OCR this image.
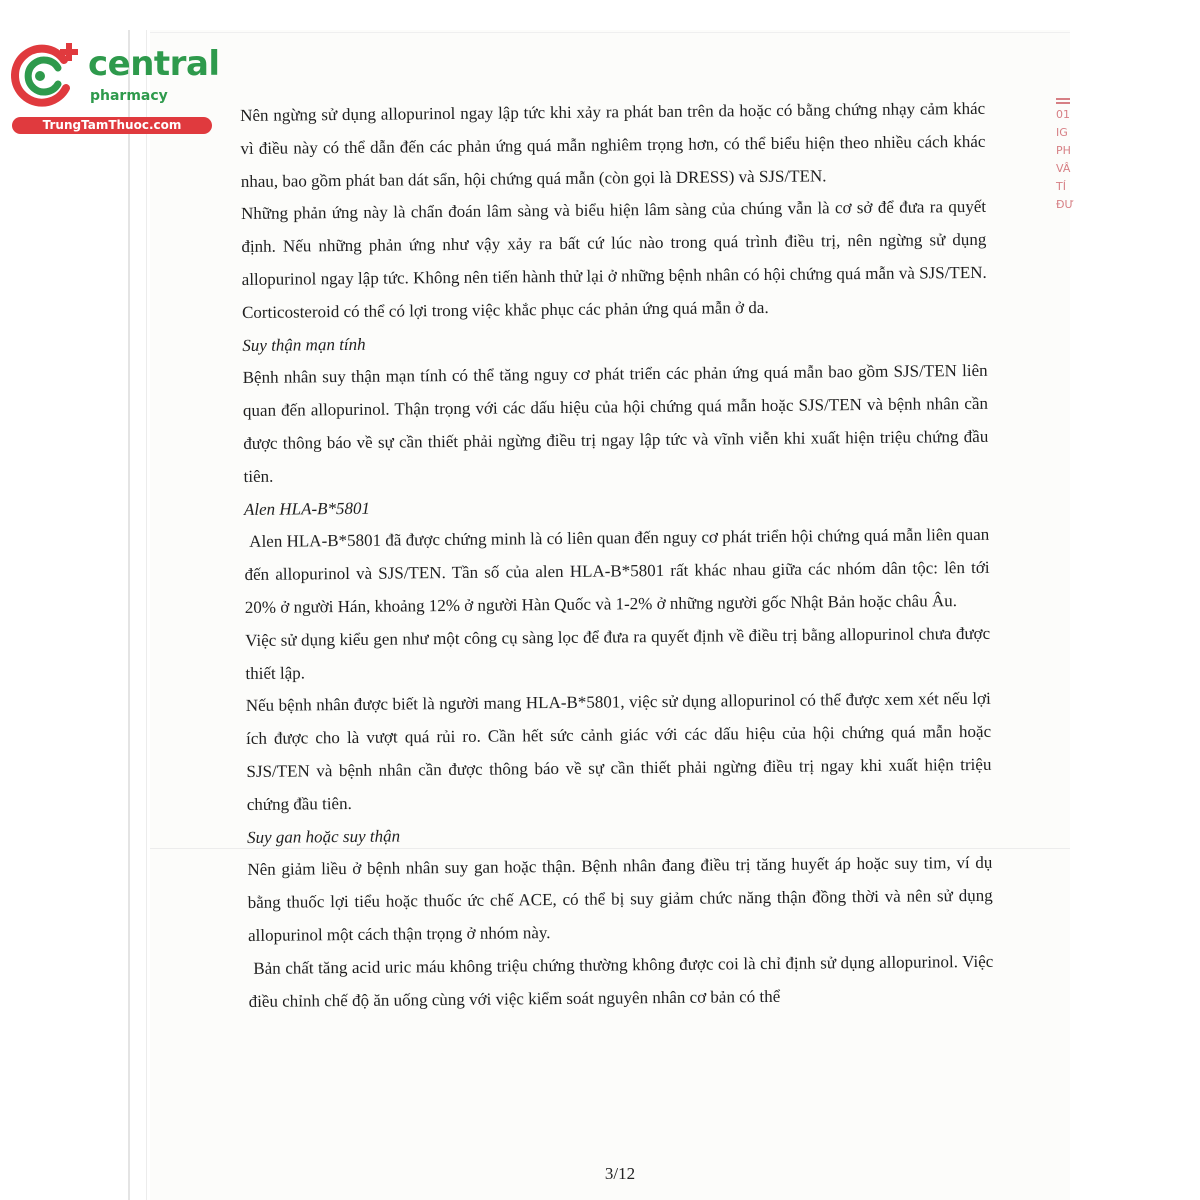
central
pharmacy
TrungTamThuoc.com
01
IG
PH
VÂ
TÍ
ĐƯ

Nên ngừng sử dụng allopurinol ngay lập tức khi xảy ra phát ban trên da hoặc có bằng chứng nhạy cảm khác vì điều này có thể dẫn đến các phản ứng quá mẫn nghiêm trọng hơn, có thể biểu hiện theo nhiều cách khác nhau, bao gồm phát ban dát sẩn, hội chứng quá mẫn (còn gọi là DRESS) và SJS/TEN.

Những phản ứng này là chẩn đoán lâm sàng và biểu hiện lâm sàng của chúng vẫn là cơ sở để đưa ra quyết định. Nếu những phản ứng như vậy xảy ra bất cứ lúc nào trong quá trình điều trị, nên ngừng sử dụng allopurinol ngay lập tức. Không nên tiến hành thử lại ở những bệnh nhân có hội chứng quá mẫn và SJS/TEN. Corticosteroid có thể có lợi trong việc khắc phục các phản ứng quá mẫn ở da.

Suy thận mạn tính

Bệnh nhân suy thận mạn tính có thể tăng nguy cơ phát triển các phản ứng quá mẫn bao gồm SJS/TEN liên quan đến allopurinol. Thận trọng với các dấu hiệu của hội chứng quá mẫn hoặc SJS/TEN và bệnh nhân cần được thông báo về sự cần thiết phải ngừng điều trị ngay lập tức và vĩnh viễn khi xuất hiện triệu chứng đầu tiên.

Alen HLA-B*5801

Alen HLA-B*5801 đã được chứng minh là có liên quan đến nguy cơ phát triển hội chứng quá mẫn liên quan đến allopurinol và SJS/TEN. Tần số của alen HLA-B*5801 rất khác nhau giữa các nhóm dân tộc: lên tới 20% ở người Hán, khoảng 12% ở người Hàn Quốc và 1-2% ở những người gốc Nhật Bản hoặc châu Âu.

Việc sử dụng kiểu gen như một công cụ sàng lọc để đưa ra quyết định về điều trị bằng allopurinol chưa được thiết lập.

Nếu bệnh nhân được biết là người mang HLA-B*5801, việc sử dụng allopurinol có thể được xem xét nếu lợi ích được cho là vượt quá rủi ro. Cần hết sức cảnh giác với các dấu hiệu của hội chứng quá mẫn hoặc SJS/TEN và bệnh nhân cần được thông báo về sự cần thiết phải ngừng điều trị ngay khi xuất hiện triệu chứng đầu tiên.

Suy gan hoặc suy thận

Nên giảm liều ở bệnh nhân suy gan hoặc thận. Bệnh nhân đang điều trị tăng huyết áp hoặc suy tim, ví dụ bằng thuốc lợi tiểu hoặc thuốc ức chế ACE, có thể bị suy giảm chức năng thận đồng thời và nên sử dụng allopurinol một cách thận trọng ở nhóm này.

Bản chất tăng acid uric máu không triệu chứng thường không được coi là chỉ định sử dụng allopurinol. Việc điều chỉnh chế độ ăn uống cùng với việc kiểm soát nguyên nhân cơ bản có thể

3/12
